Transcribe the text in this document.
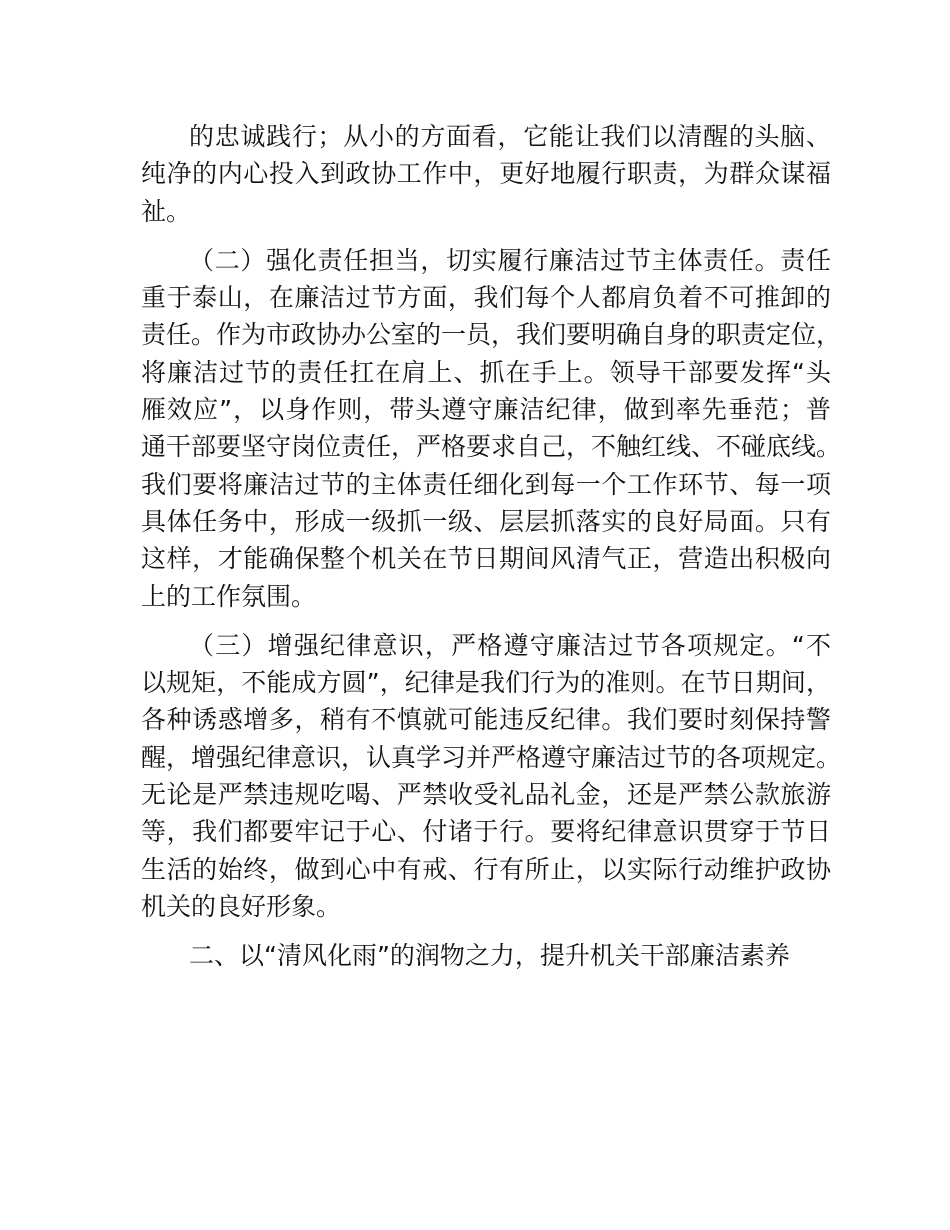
的忠诚践行；从小的方面看，它能让我们以清醒的头脑、
纯净的内心投入到政协工作中，更好地履行职责，为群众谋福
祉。
（二）强化责任担当，切实履行廉洁过节主体责任。责任
重于泰山，在廉洁过节方面，我们每个人都肩负着不可推卸的
责任。作为市政协办公室的一员，我们要明确自身的职责定位，
将廉洁过节的责任扛在肩上、抓在手上。领导干部要发挥“头
雁效应”，以身作则，带头遵守廉洁纪律，做到率先垂范；普
通干部要坚守岗位责任，严格要求自己，不触红线、不碰底线。
我们要将廉洁过节的主体责任细化到每一个工作环节、每一项
具体任务中，形成一级抓一级、层层抓落实的良好局面。只有
这样，才能确保整个机关在节日期间风清气正，营造出积极向
上的工作氛围。
（三）增强纪律意识，严格遵守廉洁过节各项规定。“不
以规矩，不能成方圆”，纪律是我们行为的准则。在节日期间，
各种诱惑增多，稍有不慎就可能违反纪律。我们要时刻保持警
醒，增强纪律意识，认真学习并严格遵守廉洁过节的各项规定。
无论是严禁违规吃喝、严禁收受礼品礼金，还是严禁公款旅游
等，我们都要牢记于心、付诸于行。要将纪律意识贯穿于节日
生活的始终，做到心中有戒、行有所止，以实际行动维护政协
机关的良好形象。
二、以“清风化雨”的润物之力，提升机关干部廉洁素养
